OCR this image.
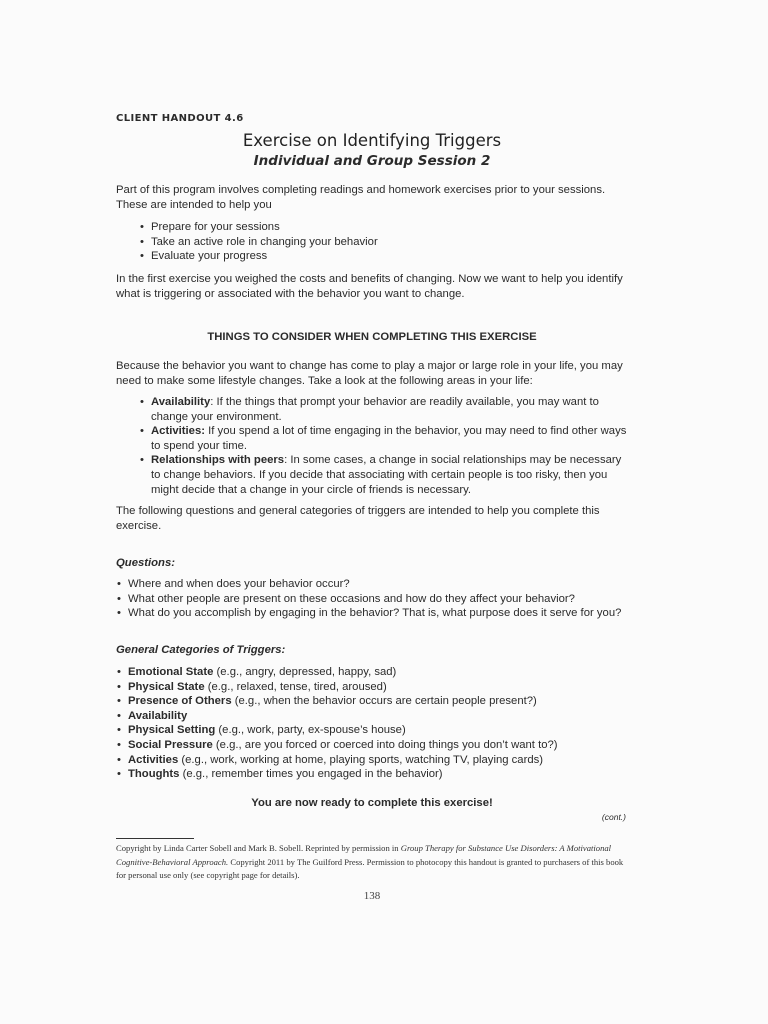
CLIENT HANDOUT 4.6
Exercise on Identifying Triggers
Individual and Group Session 2

Part of this program involves completing readings and homework exercises prior to your sessions. These are intended to help you

• Prepare for your sessions
• Take an active role in changing your behavior
• Evaluate your progress

In the first exercise you weighed the costs and benefits of changing. Now we want to help you identify what is triggering or associated with the behavior you want to change.

THINGS TO CONSIDER WHEN COMPLETING THIS EXERCISE

Because the behavior you want to change has come to play a major or large role in your life, you may need to make some lifestyle changes. Take a look at the following areas in your life:

• Availability: If the things that prompt your behavior are readily available, you may want to change your environment.
• Activities: If you spend a lot of time engaging in the behavior, you may need to find other ways to spend your time.
• Relationships with peers: In some cases, a change in social relationships may be necessary to change behaviors. If you decide that associating with certain people is too risky, then you might decide that a change in your circle of friends is necessary.

The following questions and general categories of triggers are intended to help you complete this exercise.

Questions:
• Where and when does your behavior occur?
• What other people are present on these occasions and how do they affect your behavior?
• What do you accomplish by engaging in the behavior? That is, what purpose does it serve for you?
General Categories of Triggers:
• Emotional State (e.g., angry, depressed, happy, sad)
• Physical State (e.g., relaxed, tense, tired, aroused)
• Presence of Others (e.g., when the behavior occurs are certain people present?)
• Availability
• Physical Setting (e.g., work, party, ex-spouse’s house)
• Social Pressure (e.g., are you forced or coerced into doing things you don’t want to?)
• Activities (e.g., work, working at home, playing sports, watching TV, playing cards)
• Thoughts (e.g., remember times you engaged in the behavior)
You are now ready to complete this exercise!
(cont.)
Copyright by Linda Carter Sobell and Mark B. Sobell. Reprinted by permission in Group Therapy for Substance Use Disorders: A Motivational Cognitive-Behavioral Approach. Copyright 2011 by The Guilford Press. Permission to photocopy this handout is granted to purchasers of this book for personal use only (see copyright page for details).
138
